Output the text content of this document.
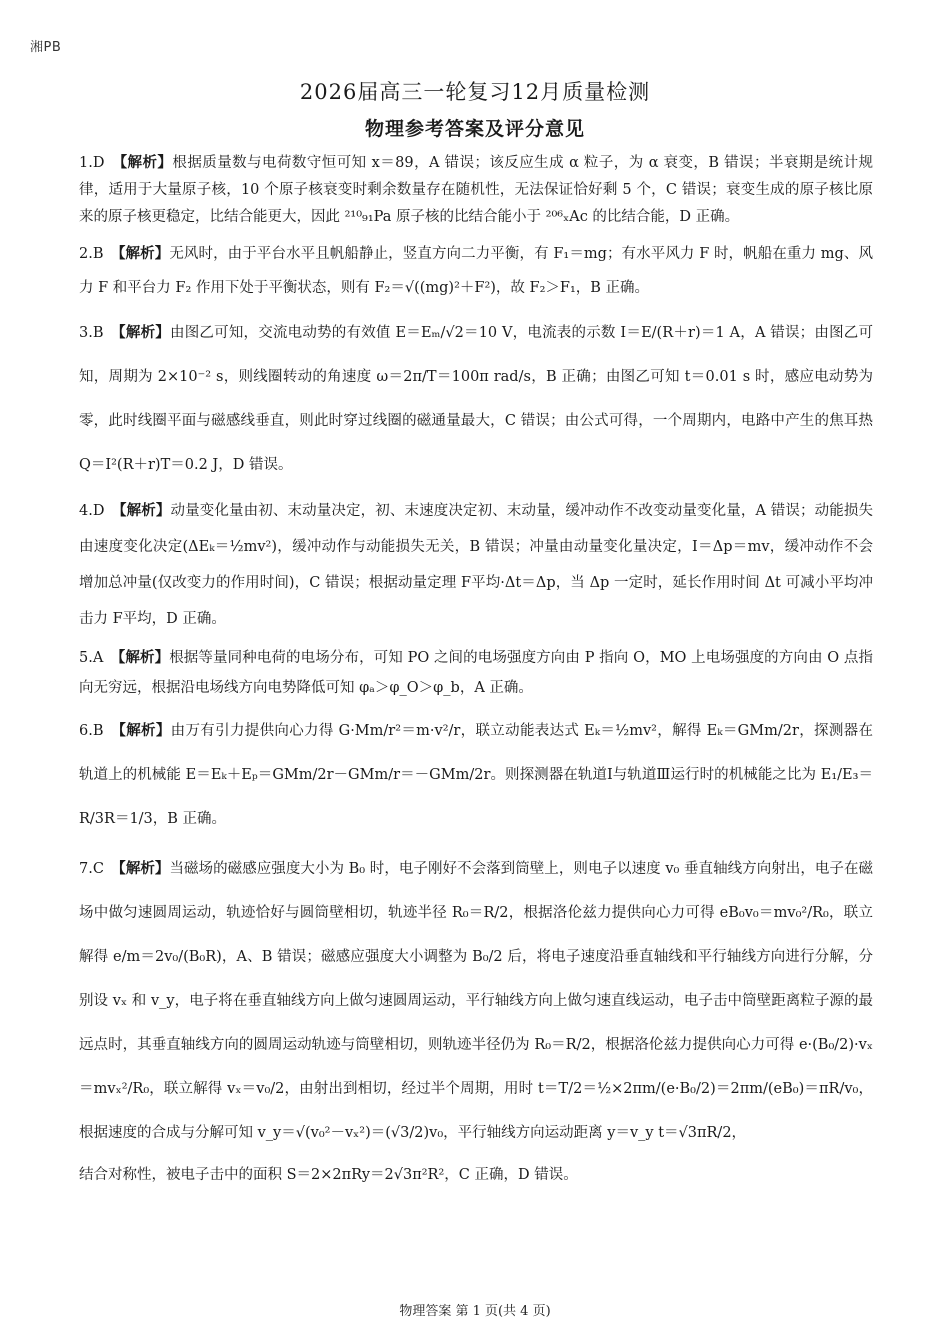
湘PB
2026届高三一轮复习12月质量检测
物理参考答案及评分意见

1.D　 【解析】根据质量数与电荷数守恒可知 x＝89，A 错误；该反应生成 α 粒子，为 α 衰变，B 错误；半衰期是统计规律，适用于大量原子核，10 个原子核衰变时剩余数量存在随机性，无法保证恰好剩 5 个，C 错误；衰变生成的原子核比原来的原子核更稳定，比结合能更大，因此 ²¹⁰₉₁Pa 原子核的比结合能小于 ²⁰⁶ₓAc 的比结合能，D 正确。

2.B　 【解析】无风时，由于平台水平且帆船静止，竖直方向二力平衡，有 F₁＝mg；有水平风力 F 时，帆船在重力 mg、风力 F 和平台力 F₂ 作用下处于平衡状态，则有 F₂＝√((mg)²＋F²)，故 F₂＞F₁，B 正确。

3.B　 【解析】由图乙可知，交流电动势的有效值 E＝Eₘ/√2＝10 V，电流表的示数 I＝E/(R＋r)＝1 A，A 错误；由图乙可知，周期为 2×10⁻² s，则线圈转动的角速度 ω＝2π/T＝100π rad/s，B 正确；由图乙可知 t＝0.01 s 时，感应电动势为零，此时线圈平面与磁感线垂直，则此时穿过线圈的磁通量最大，C 错误；由公式可得，一个周期内，电路中产生的焦耳热 Q＝I²(R＋r)T＝0.2 J，D 错误。

4.D　 【解析】动量变化量由初、末动量决定，初、末速度决定初、末动量，缓冲动作不改变动量变化量，A 错误；动能损失由速度变化决定(ΔEₖ＝½mv²)，缓冲动作与动能损失无关，B 错误；冲量由动量变化量决定，I＝Δp＝mv，缓冲动作不会增加总冲量(仅改变力的作用时间)，C 错误；根据动量定理 F平均·Δt＝Δp，当 Δp 一定时，延长作用时间 Δt 可减小平均冲击力 F平均，D 正确。

5.A　 【解析】根据等量同种电荷的电场分布，可知 PO 之间的电场强度方向由 P 指向 O，MO 上电场强度的方向由 O 点指向无穷远，根据沿电场线方向电势降低可知 φₐ＞φ_O＞φ_b，A 正确。

6.B　 【解析】由万有引力提供向心力得 G·Mm/r²＝m·v²/r，联立动能表达式 Eₖ＝½mv²，解得 Eₖ＝GMm/2r，探测器在轨道上的机械能 E＝Eₖ＋Eₚ＝GMm/2r－GMm/r＝－GMm/2r。则探测器在轨道Ⅰ与轨道Ⅲ运行时的机械能之比为 E₁/E₃＝R/3R＝1/3，B 正确。

7.C　 【解析】当磁场的磁感应强度大小为 B₀ 时，电子刚好不会落到筒壁上，则电子以速度 v₀ 垂直轴线方向射出，电子在磁场中做匀速圆周运动，轨迹恰好与圆筒壁相切，轨迹半径 R₀＝R/2，根据洛伦兹力提供向心力可得 eB₀v₀＝mv₀²/R₀，联立解得 e/m＝2v₀/(B₀R)，A、B 错误；磁感应强度大小调整为 B₀/2 后，将电子速度沿垂直轴线和平行轴线方向进行分解，分别设 vₓ 和 v_y，电子将在垂直轴线方向上做匀速圆周运动，平行轴线方向上做匀速直线运动，电子击中筒壁距离粒子源的最远点时，其垂直轴线方向的圆周运动轨迹与筒壁相切，则轨迹半径仍为 R₀＝R/2，根据洛伦兹力提供向心力可得 e·(B₀/2)·vₓ＝mvₓ²/R₀，联立解得 vₓ＝v₀/2，由射出到相切，经过半个周期，用时 t＝T/2＝½×2πm/(e·B₀/2)＝2πm/(eB₀)＝πR/v₀，根据速度的合成与分解可知 v_y＝√(v₀²－vₓ²)＝(√3/2)v₀，平行轴线方向运动距离 y＝v_y t＝√3πR/2，

结合对称性，被电子击中的面积 S＝2×2πRy＝2√3π²R²，C 正确，D 错误。

物理答案 第 1 页(共 4 页)
